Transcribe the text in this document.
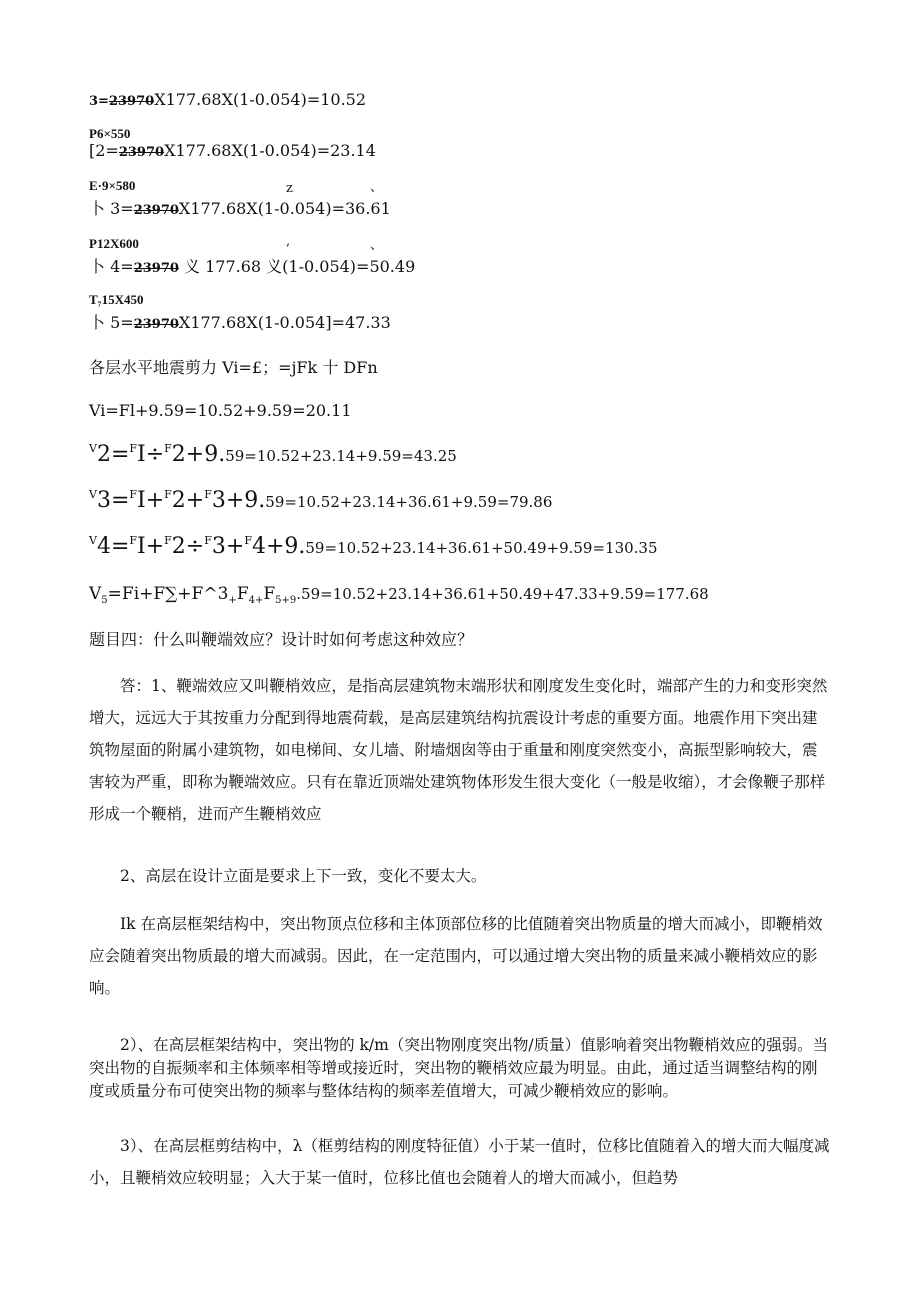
3=23970X177.68X(1-0.054)=10.52
P6×550
[2=23970X177.68X(1-0.054)=23.14
E·9×580	z	、
卜 3=23970X177.68X(1-0.054)=36.61
P12X600	,	、
卜 4=23970 义 177.68 义(1-0.054)=50.49
T₇15X450
卜 5=23970X177.68X(1-0.054]=47.33
各层水平地震剪力 Vi=£；=jFk 十 DFn
Vi=Fl+9.59=10.52+9.59=20.11
$^V$2=$^F$I÷$^F$2+9.59=10.52+23.14+9.59=43.25
$^V$3=$^F$I+$^F$2+$^F$3+9.59=10.52+23.14+36.61+9.59=79.86
$^V$4=$^F$I+$^F$2÷$^F$3+$^F$4+9.59=10.52+23.14+36.61+50.49+9.59=130.35
$V_5=Fi+F\sum+F\^{}3_+F_{4+}F_{5+9}.59=10.52+23.14+36.61+50.49+47.33+9.59=177.68$
题目四：什么叫鞭端效应？设计时如何考虑这种效应？
答：1、鞭端效应又叫鞭梢效应，是指高层建筑物末端形状和刚度发生变化时，端部产生的力和变形突然增大，远远大于其按重力分配到得地震荷载，是高层建筑结构抗震设计考虑的重要方面。地震作用下突出建筑物屋面的附属小建筑物，如电梯间、女儿墙、附墙烟囱等由于重量和刚度突然变小，高振型影响较大，震害较为严重，即称为鞭端效应。只有在靠近顶端处建筑物体形发生很大变化（一般是收缩），才会像鞭子那样形成一个鞭梢，进而产生鞭梢效应
2、高层在设计立面是要求上下一致，变化不要太大。
Ik 在高层框架结构中，突出物顶点位移和主体顶部位移的比值随着突出物质量的增大而减小，即鞭梢效应会随着突出物质最的增大而减弱。因此，在一定范围内，可以通过增大突出物的质量来减小鞭梢效应的影响。
2）、在高层框架结构中，突出物的 k/m（突出物刚度突出物/质量）值影响着突出物鞭梢效应的强弱。当突出物的自振频率和主体频率相等增或接近时，突出物的鞭梢效应最为明显。由此，通过适当调整结构的刚度或质量分布可使突出物的频率与整体结构的频率差值增大，可减少鞭梢效应的影响。
3）、在高层框剪结构中，λ（框剪结构的刚度特征值）小于某一值时，位移比值随着入的增大而大幅度减小，且鞭梢效应较明显；入大于某一值时，位移比值也会随着人的增大而减小，但趋势
